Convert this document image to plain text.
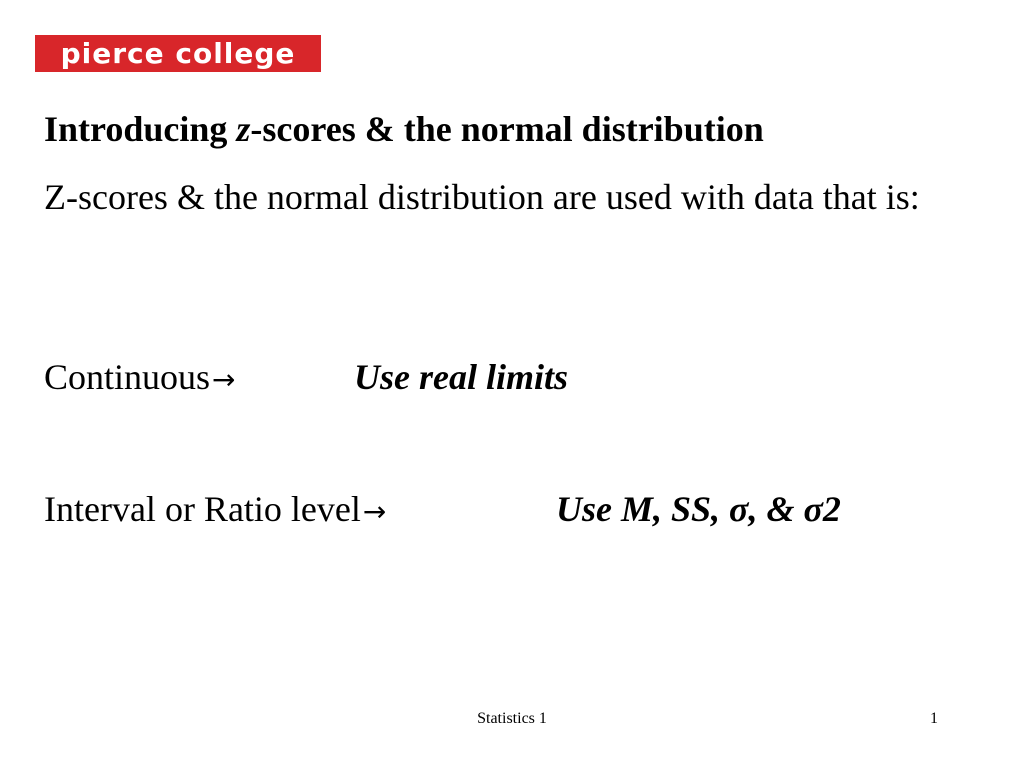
pierce college
Introducing z-scores & the normal distribution
Z-scores & the normal distribution are used with data that is:
Continuous→	Use real limits
Interval or Ratio level→	Use M, SS, σ, & σ2
Statistics 1	1
